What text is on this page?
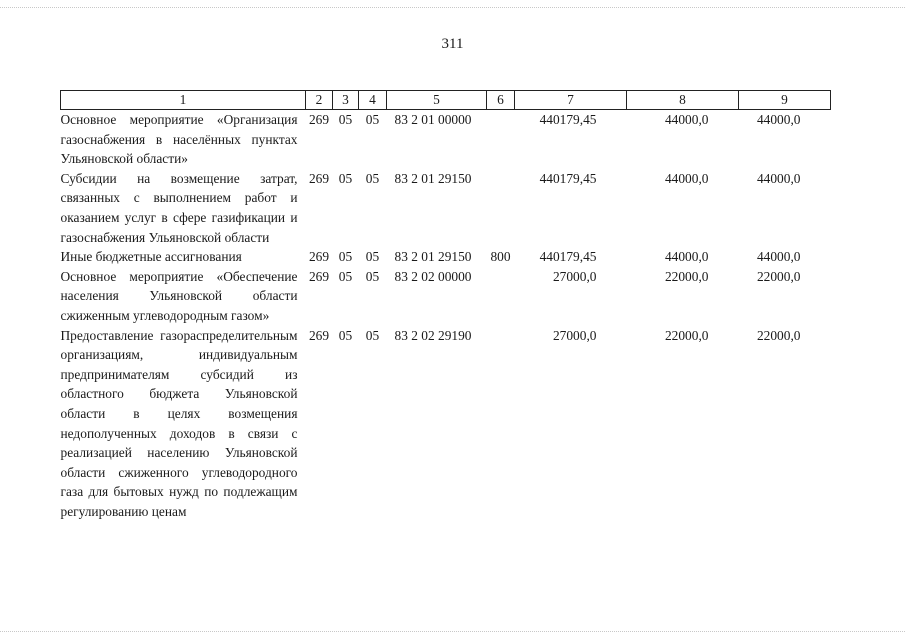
311
1	2	3	4	5	6	7	8	9
Основное мероприятие «Организация газоснабжения в населённых пунктах Ульяновской области»	269	05	05	83 2 01 00000		440179,45	44000,0	44000,0
Субсидии на возмещение затрат, связанных с выполнением работ и оказанием услуг в сфере газификации и газоснабжения Ульяновской области	269	05	05	83 2 01 29150		440179,45	44000,0	44000,0
Иные бюджетные ассигнования	269	05	05	83 2 01 29150	800	440179,45	44000,0	44000,0
Основное мероприятие «Обеспечение населения Ульяновской области сжиженным углеводородным газом»	269	05	05	83 2 02 00000		27000,0	22000,0	22000,0
Предоставление газораспределительным организациям, индивидуальным предпринимателям субсидий из областного бюджета Ульяновской области в целях возмещения недополученных доходов в связи с реализацией населению Ульяновской области сжиженного углеводородного газа для бытовых нужд по подлежащим регулированию ценам	269	05	05	83 2 02 29190		27000,0	22000,0	22000,0
